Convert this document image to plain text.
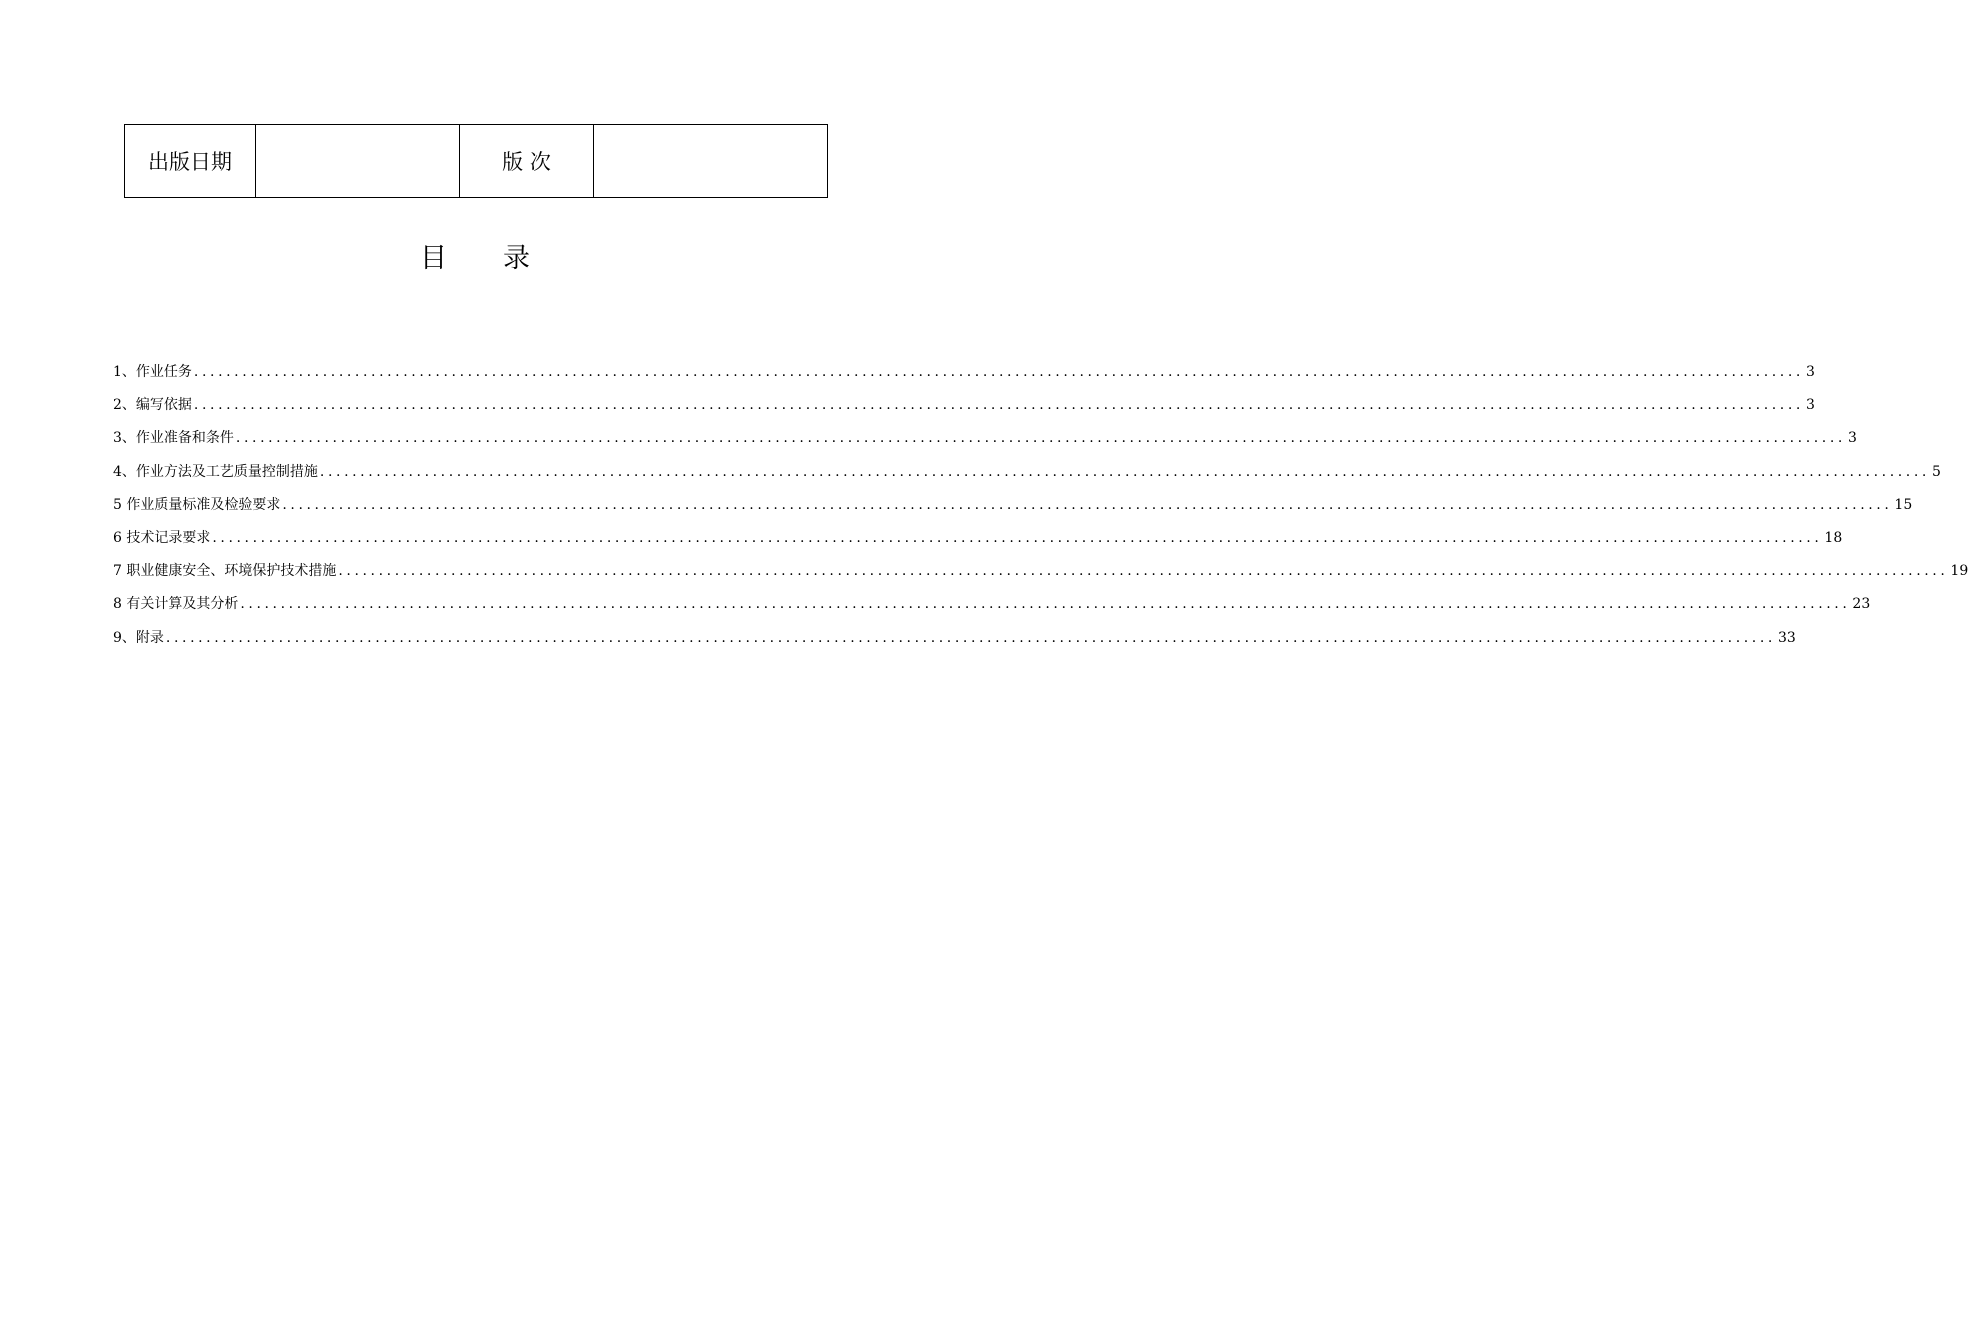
出版日期		版 次	
目录
1、作业任务 ........................................................................................................................................................................................................ 3
2、编写依据 ........................................................................................................................................................................................................ 3
3、作业准备和条件 ........................................................................................................................................................................................................ 3
4、作业方法及工艺质量控制措施 ........................................................................................................................................................................................................ 5
5 作业质量标准及检验要求 ........................................................................................................................................................................................................ 15
6 技术记录要求 ........................................................................................................................................................................................................ 18
7 职业健康安全、环境保护技术措施 ........................................................................................................................................................................................................ 19
8 有关计算及其分析 ........................................................................................................................................................................................................ 23
9、附录 ........................................................................................................................................................................................................ 33
